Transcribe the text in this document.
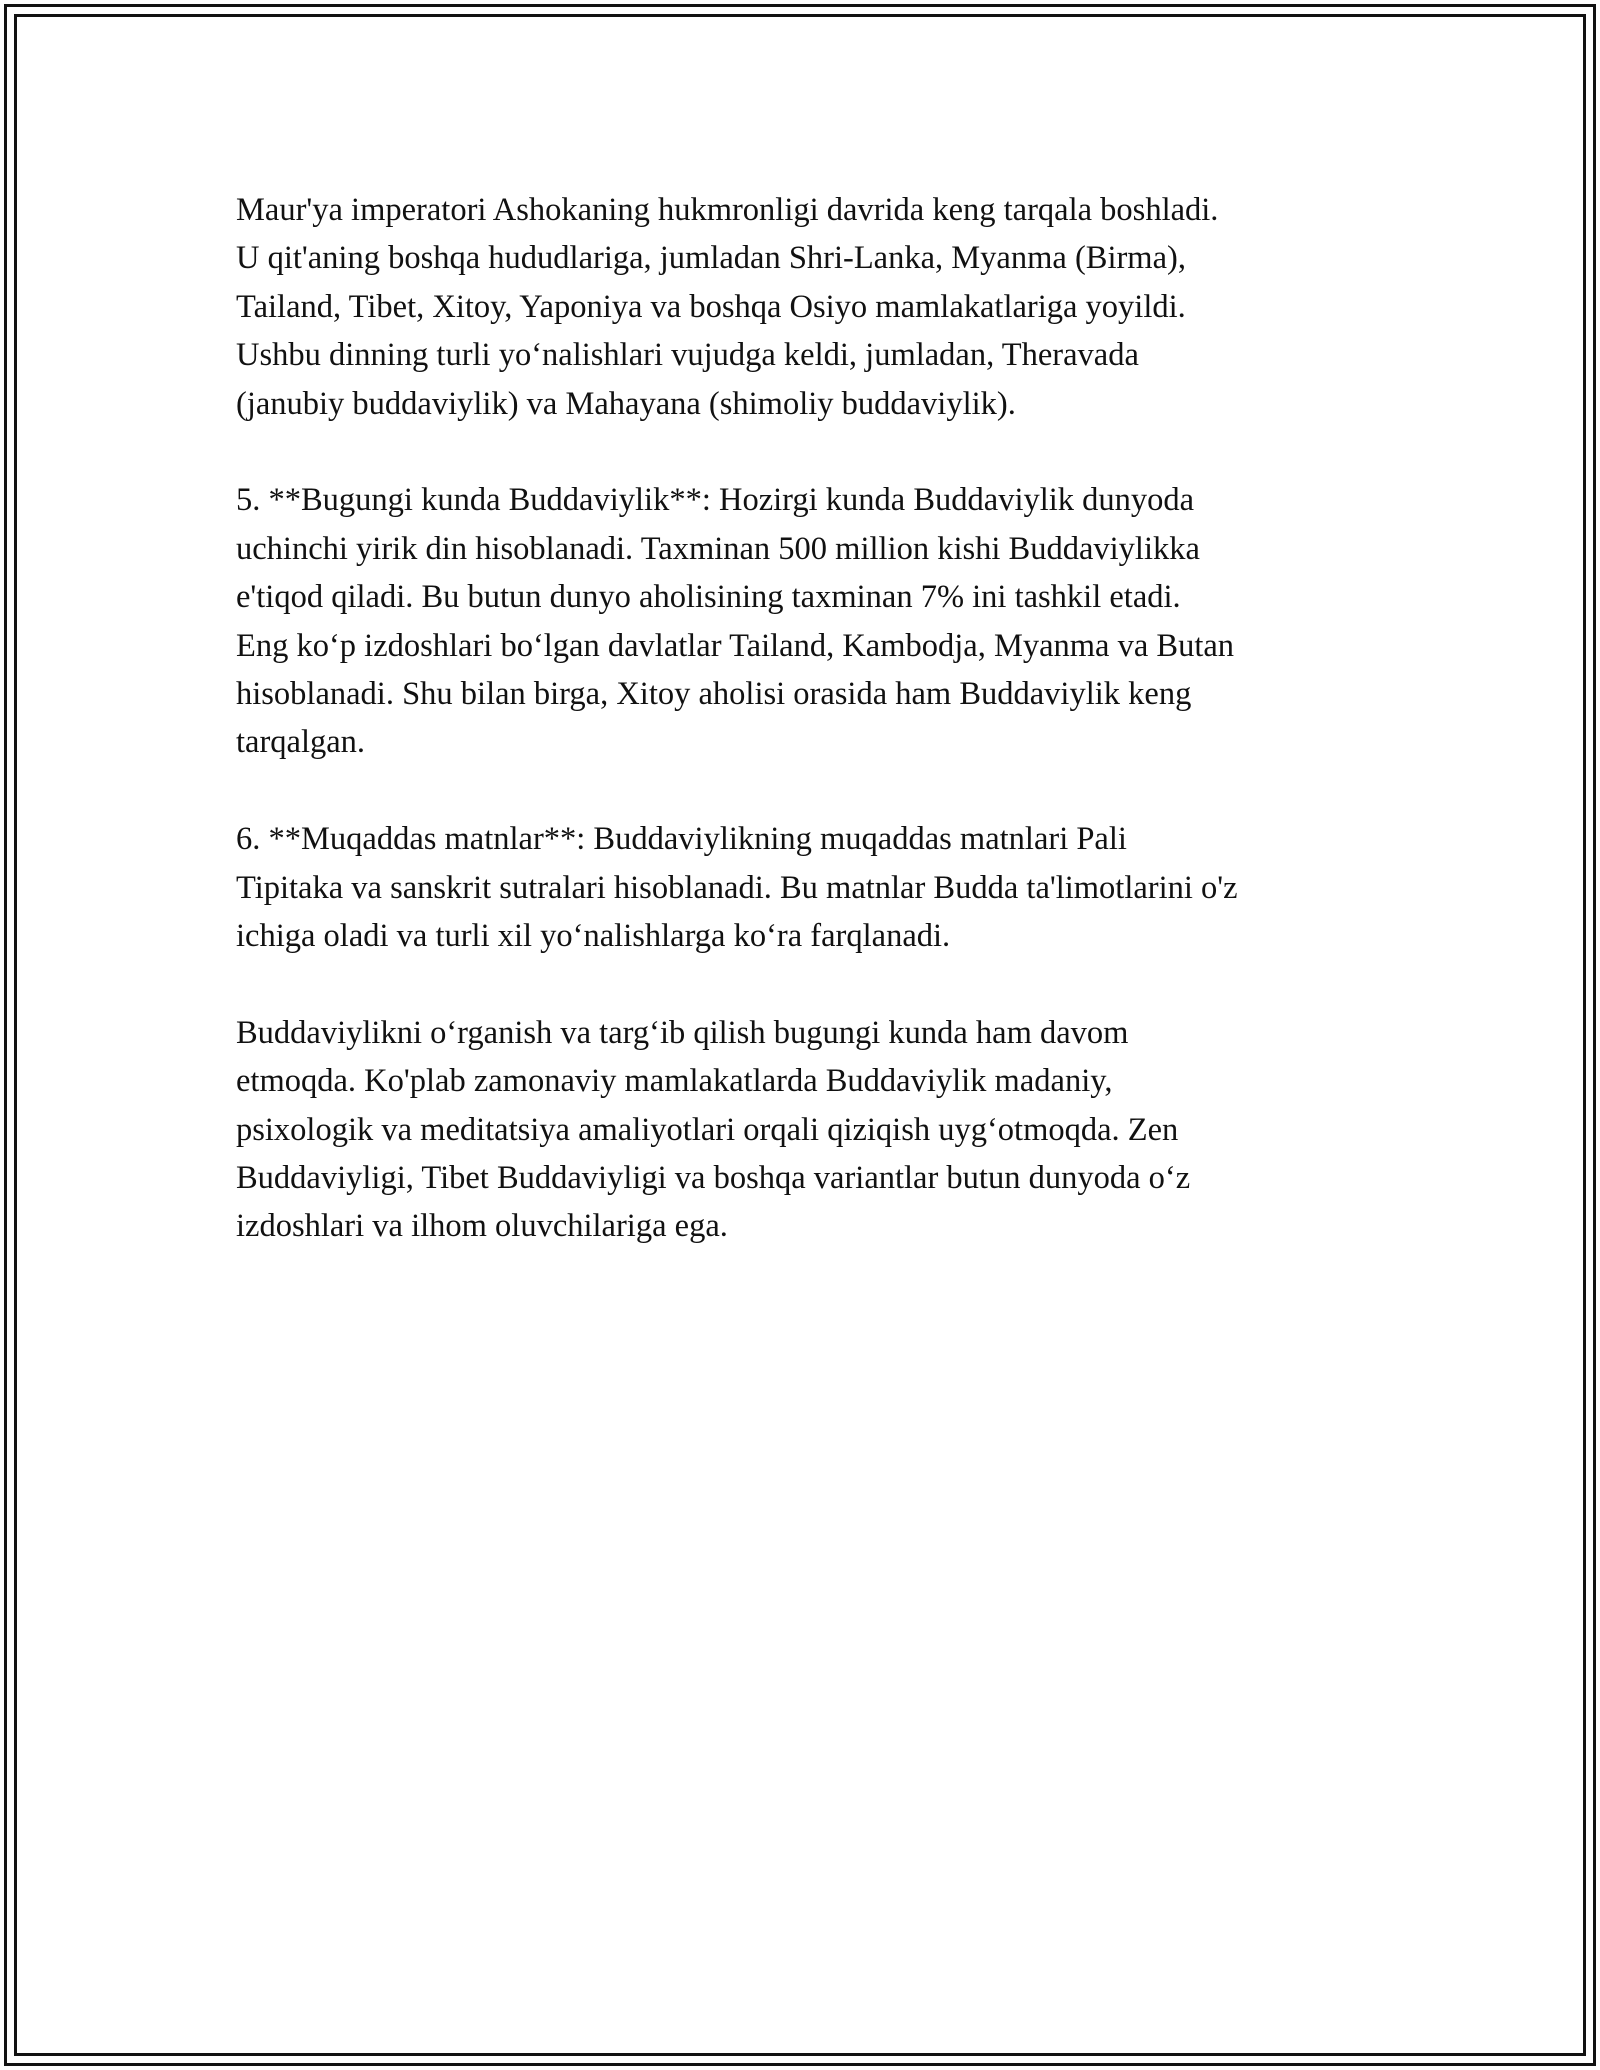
Maur'ya imperatori Ashokaning hukmronligi davrida keng tarqala boshladi.
U qit'aning boshqa hududlariga, jumladan Shri-Lanka, Myanma (Birma),
Tailand, Tibet, Xitoy, Yaponiya va boshqa Osiyo mamlakatlariga yoyildi.
Ushbu dinning turli yo‘nalishlari vujudga keldi, jumladan, Theravada
(janubiy buddaviylik) va Mahayana (shimoliy buddaviylik).

5. **Bugungi kunda Buddaviylik**: Hozirgi kunda Buddaviylik dunyoda
uchinchi yirik din hisoblanadi. Taxminan 500 million kishi Buddaviylikka
e'tiqod qiladi. Bu butun dunyo aholisining taxminan 7% ini tashkil etadi.
Eng ko‘p izdoshlari bo‘lgan davlatlar Tailand, Kambodja, Myanma va Butan
hisoblanadi. Shu bilan birga, Xitoy aholisi orasida ham Buddaviylik keng
tarqalgan.

6. **Muqaddas matnlar**: Buddaviylikning muqaddas matnlari Pali
Tipitaka va sanskrit sutralari hisoblanadi. Bu matnlar Budda ta'limotlarini o'z
ichiga oladi va turli xil yo‘nalishlarga ko‘ra farqlanadi.

Buddaviylikni o‘rganish va targ‘ib qilish bugungi kunda ham davom
etmoqda. Ko'plab zamonaviy mamlakatlarda Buddaviylik madaniy,
psixologik va meditatsiya amaliyotlari orqali qiziqish uyg‘otmoqda. Zen
Buddaviyligi, Tibet Buddaviyligi va boshqa variantlar butun dunyoda o‘z
izdoshlari va ilhom oluvchilariga ega.
